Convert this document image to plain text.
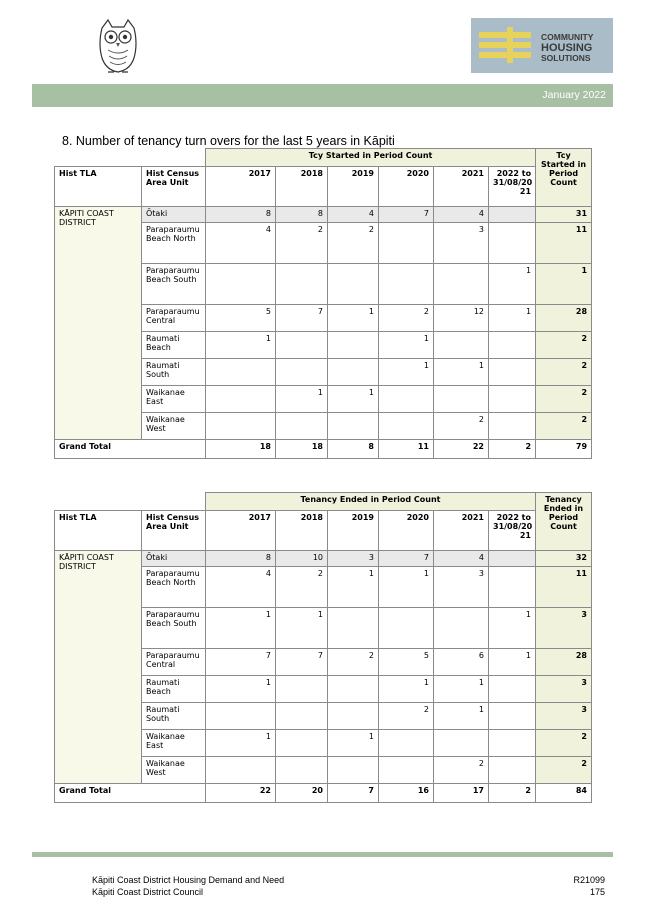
COMMUNITY
HOUSING
SOLUTIONS
January 2022
8. Number of tenancy turn overs for the last 5 years in Kāpiti
		Tcy Started in Period Count						Tcy Started in Period Count
Hist TLA	Hist Census Area Unit	2017	2018	2019	2020	2021	2022 to 31/08/20 21	
KĀPITI COAST DISTRICT	Ōtaki	8	8	4	7	4		31
	Paraparaumu Beach North	4	2	2		3		11
	Paraparaumu Beach South						1	1
	Paraparaumu Central	5	7	1	2	12	1	28
	Raumati Beach	1			1			2
	Raumati South				1	1		2
	Waikanae East		1	1				2
	Waikanae West					2		2
Grand Total		18	18	8	11	22	2	79
		Tenancy Ended in Period Count						Tenancy Ended in Period Count
Hist TLA	Hist Census Area Unit	2017	2018	2019	2020	2021	2022 to 31/08/20 21	
KĀPITI COAST DISTRICT	Ōtaki	8	10	3	7	4		32
	Paraparaumu Beach North	4	2	1	1	3		11
	Paraparaumu Beach South	1	1				1	3
	Paraparaumu Central	7	7	2	5	6	1	28
	Raumati Beach	1			1	1		3
	Raumati South				2	1		3
	Waikanae East	1		1				2
	Waikanae West					2		2
Grand Total		22	20	7	16	17	2	84
Kāpiti Coast District Housing Demand and Need
Kāpiti Coast District Council
R21099
175
